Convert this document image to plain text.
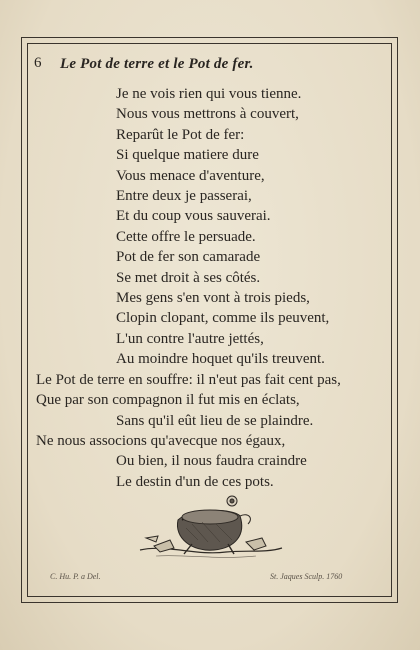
6 Le Pot de terre et le Pot de fer.
Je ne vois rien qui vous tienne.
Nous vous mettrons à couvert,
Reparût le Pot de fer:
Si quelque matiere dure
Vous menace d'aventure,
Entre deux je passerai,
Et du coup vous sauverai.
Cette offre le persuade.
Pot de fer son camarade
Se met droit à ses côtés.
Mes gens s'en vont à trois pieds,
Clopin clopant, comme ils peuvent,
L'un contre l'autre jettés,
Au moindre hoquet qu'ils treuvent.
Le Pot de terre en souffre: il n'eut pas fait cent pas,
Que par son compagnon il fut mis en éclats,
Sans qu'il eût lieu de se plaindre.
Ne nous associons qu'avecque nos égaux,
Ou bien, il nous faudra craindre
Le destin d'un de ces pots.
C. Hu. P. a Del.	St. Jaques Sculp. 1760
